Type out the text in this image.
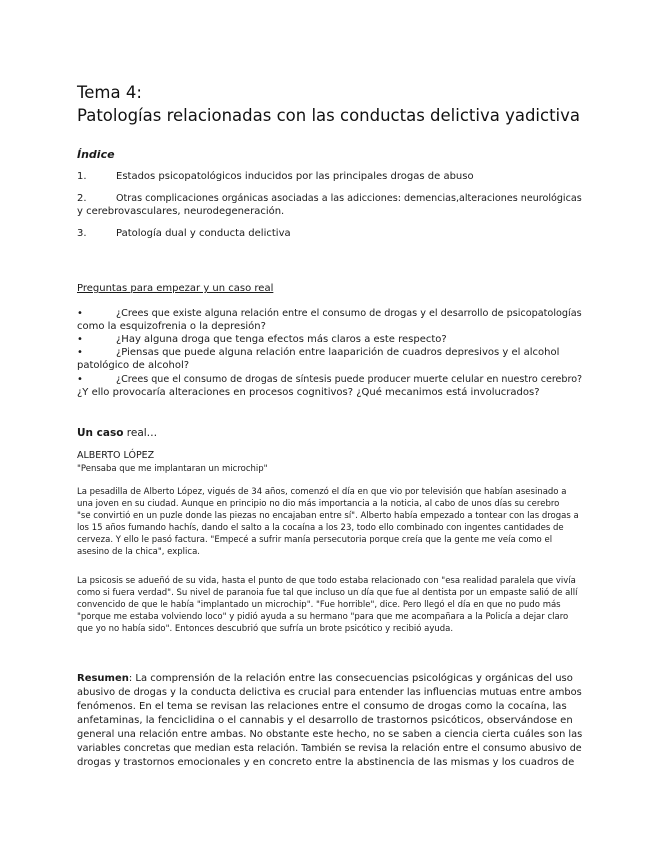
Tema 4:
Patologías relacionadas con las conductas delictiva yadictiva
Índice
1.	Estados psicopatológicos inducidos por las principales drogas de abuso
2.	Otras complicaciones orgánicas asociadas a las adicciones: demencias,alteraciones neurológicas
y cerebrovasculares, neurodegeneración.
3.	Patología dual y conducta delictiva
Preguntas para empezar y un caso real
•	¿Crees que existe alguna relación entre el consumo de drogas y el desarrollo de psicopatologías
como la esquizofrenia o la depresión?
•	¿Hay alguna droga que tenga efectos más claros a este respecto?
•	¿Piensas que puede alguna relación entre laaparición de cuadros depresivos y el alcohol
patológico de alcohol?
•	¿Crees que el consumo de drogas de síntesis puede producer muerte celular en nuestro cerebro?
¿Y ello provocaría alteraciones en procesos cognitivos? ¿Qué mecanimos está involucrados?
Un caso real…
ALBERTO LÓPEZ
"Pensaba que me implantaran un microchip"
La pesadilla de Alberto López, vigués de 34 años, comenzó el día en que vio por televisión que habían asesinado a
una joven en su ciudad. Aunque en principio no dio más importancia a la noticia, al cabo de unos días su cerebro
"se convirtió en un puzle donde las piezas no encajaban entre sí". Alberto había empezado a tontear con las drogas a
los 15 años fumando hachís, dando el salto a la cocaína a los 23, todo ello combinado con ingentes cantidades de
cerveza. Y ello le pasó factura. "Empecé a sufrir manía persecutoria porque creía que la gente me veía como el
asesino de la chica", explica.
La psicosis se adueñó de su vida, hasta el punto de que todo estaba relacionado con "esa realidad paralela que vivía
como si fuera verdad". Su nivel de paranoia fue tal que incluso un día que fue al dentista por un empaste salió de allí
convencido de que le había "implantado un microchip". "Fue horrible", dice. Pero llegó el día en que no pudo más
"porque me estaba volviendo loco" y pidió ayuda a su hermano "para que me acompañara a la Policía a dejar claro
que yo no había sido". Entonces descubrió que sufría un brote psicótico y recibió ayuda.
Resumen: La comprensión de la relación entre las consecuencias psicológicas y orgánicas del uso
abusivo de drogas y la conducta delictiva es crucial para entender las influencias mutuas entre ambos
fenómenos. En el tema se revisan las relaciones entre el consumo de drogas como la cocaína, las
anfetaminas, la fenciclidina o el cannabis y el desarrollo de trastornos psicóticos, observándose en
general una relación entre ambas. No obstante este hecho, no se saben a ciencia cierta cuáles son las
variables concretas que median esta relación. También se revisa la relación entre el consumo abusivo de
drogas y trastornos emocionales y en concreto entre la abstinencia de las mismas y los cuadros de
